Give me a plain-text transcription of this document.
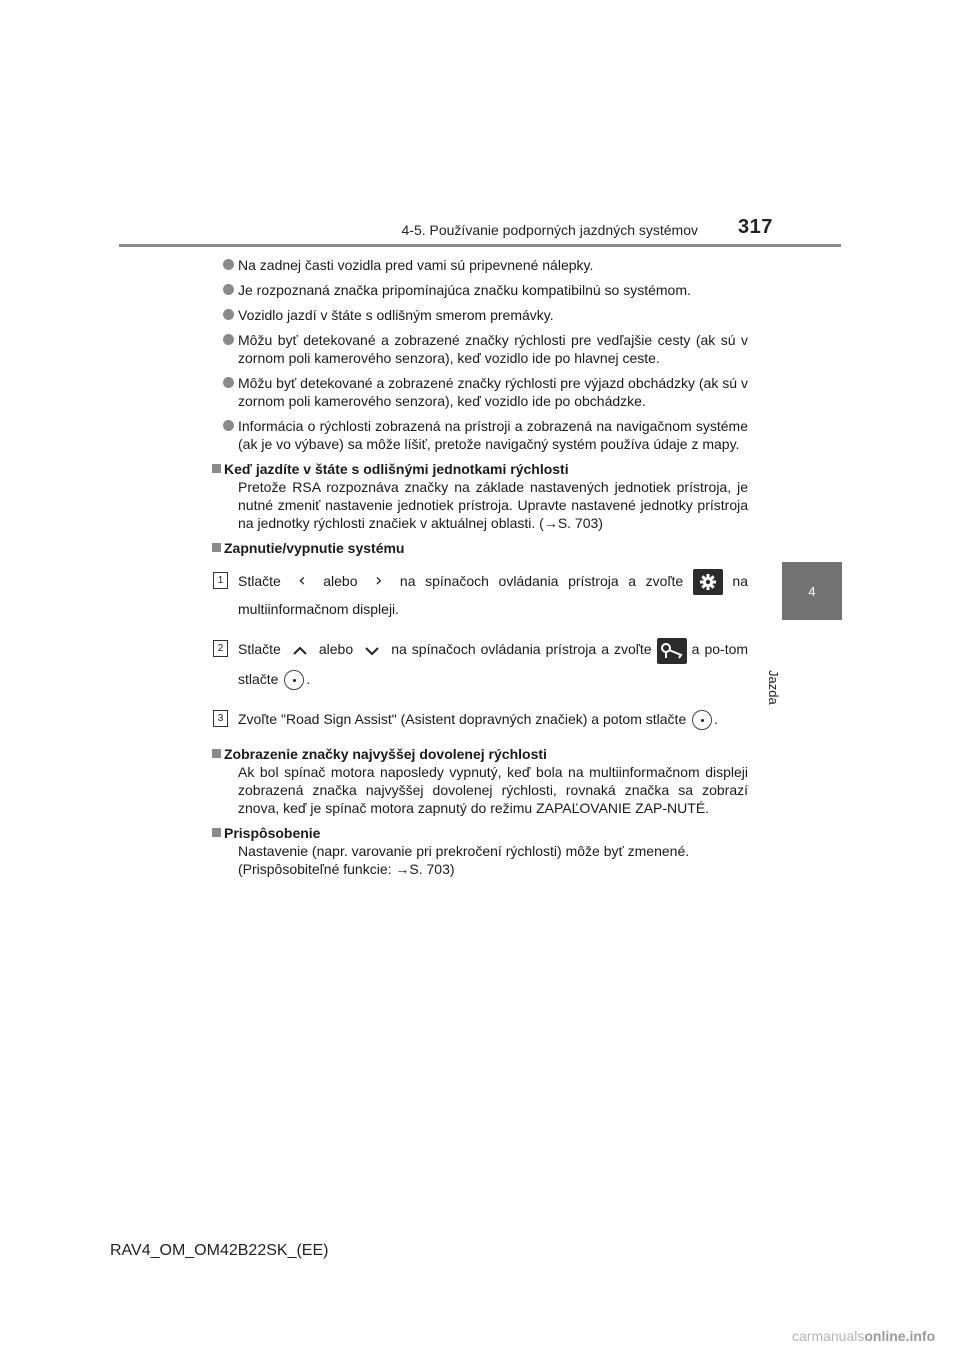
4-5. Používanie podporných jazdných systémov 317
4
Jazda
Na zadnej časti vozidla pred vami sú pripevnené nálepky.
Je rozpoznaná značka pripomínajúca značku kompatibilnú so systémom.
Vozidlo jazdí v štáte s odlišným smerom premávky.
Môžu byť detekované a zobrazené značky rýchlosti pre vedľajšie cesty (ak sú v zornom poli kamerového senzora), keď vozidlo ide po hlavnej ceste.
Môžu byť detekované a zobrazené značky rýchlosti pre výjazd obchádzky (ak sú v zornom poli kamerového senzora), keď vozidlo ide po obchádzke.
Informácia o rýchlosti zobrazená na prístroji a zobrazená na navigačnom systéme (ak je vo výbave) sa môže líšiť, pretože navigačný systém používa údaje z mapy.
Keď jazdíte v štáte s odlišnými jednotkami rýchlosti
Pretože RSA rozpoznáva značky na základe nastavených jednotiek prístroja, je nutné zmeniť nastavenie jednotiek prístroja. Upravte nastavené jednotky prístroja na jednotky rýchlosti značiek v aktuálnej oblasti. (→S. 703)
Zapnutie/vypnutie systému
1	Stlačte ‹ alebo › na spínačoch ovládania prístroja a zvoľte	na multiinformačnom displeji.
2	Stlačte	alebo	na spínačoch ovládania prístroja a zvoľte	a po-tom stlačte .
3	Zvoľte "Road Sign Assist" (Asistent dopravných značiek) a potom stlačte .
Zobrazenie značky najvyššej dovolenej rýchlosti
Ak bol spínač motora naposledy vypnutý, keď bola na multiinformačnom displeji zobrazená značka najvyššej dovolenej rýchlosti, rovnaká značka sa zobrazí znova, keď je spínač motora zapnutý do režimu ZAPAĽOVANIE ZAP-NUTÉ.
Prispôsobenie
Nastavenie (napr. varovanie pri prekročení rýchlosti) môže byť zmenené.
(Prispôsobiteľné funkcie: →S. 703)
RAV4_OM_OM42B22SK_(EE)
carmanualsonline.info
